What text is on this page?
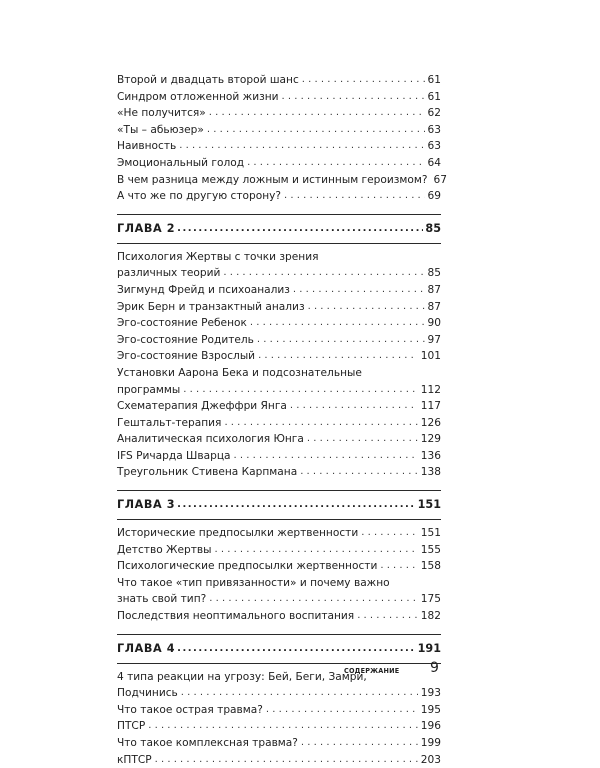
Второй и двадцать второй шанс . . .	61
Синдром отложенной жизни . . .	61
«Не получится» . . .	62
«Ты – абьюзер» . . .	63
Наивность . . .	63
Эмоциональный голод . . .	64
В чем разница между ложным и истинным героизмом? 67
А что же по другую сторону? . . .	69
ГЛАВА 2 .....	85
Психология Жертвы с точки зрения
различных теорий . . .	85
Зигмунд Фрейд и психоанализ . . .	87
Эрик Берн и транзактный анализ . . .	87
Эго-состояние Ребенок . . .	90
Эго-состояние Родитель . . .	97
Эго-состояние Взрослый . . .	101
Установки Аарона Бека и подсознательные
программы . . .	112
Схематерапия Джеффри Янга . . .	117
Гештальт-терапия . . .	126
Аналитическая психология Юнга . . .	129
IFS Ричарда Шварца . . .	136
Треугольник Стивена Карпмана . . .	138
ГЛАВА 3 .....	151
Исторические предпосылки жертвенности . . .	151
Детство Жертвы . . .	155
Психологические предпосылки жертвенности . . .	158
Что такое «тип привязанности» и почему важно
знать свой тип? . . .	175
Последствия неоптимального воспитания . . .	182
ГЛАВА 4 .....	191
4 типа реакции на угрозу: Бей, Беги, Замри,
Подчинись . . .	193
Что такое острая травма? . . .	195
ПТСР . . .	196
Что такое комплексная травма? . . .	199
кПТСР . . .	203
СОДЕРЖАНИЕ 9
